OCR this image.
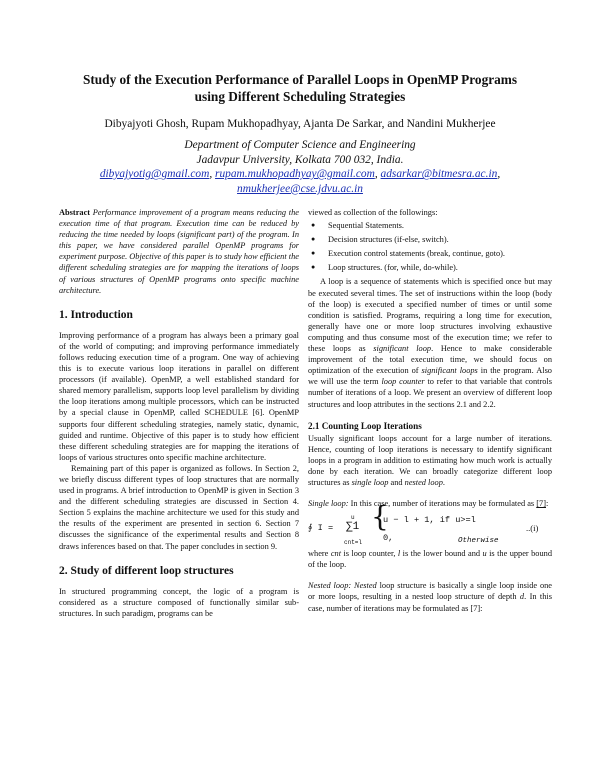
Study of the Execution Performance of Parallel Loops in OpenMP Programs
using Different Scheduling Strategies
Dibyajyoti Ghosh, Rupam Mukhopadhyay, Ajanta De Sarkar, and Nandini Mukherjee
Department of Computer Science and Engineering
Jadavpur University, Kolkata 700 032, India.
dibyajyotig@gmail.com, rupam.mukhopadhyay@gmail.com, adsarkar@bitmesra.ac.in,
nmukherjee@cse.jdvu.ac.in

Abstract Performance improvement of a program means reducing the execution time of that program. Execution time can be reduced by reducing the time needed by loops (significant part) of the program. In this paper, we have considered parallel OpenMP programs for experiment purpose. Objective of this paper is to study how efficient the different scheduling strategies are for mapping the iterations of loops of various structures of OpenMP programs onto specific machine architecture.

1. Introduction

Improving performance of a program has always been a primary goal of the world of computing; and improving performance immediately follows reducing execution time of a program. One way of achieving this is to execute various loop iterations in parallel on different processors (if available). OpenMP, a well established standard for shared memory parallelism, supports loop level parallelism by dividing the loop iterations among multiple processors, which can be instructed by a special clause in OpenMP, called SCHEDULE [6]. OpenMP supports four different scheduling strategies, namely static, dynamic, guided and runtime. Objective of this paper is to study how efficient these different scheduling strategies are for mapping the iterations of loops of various structures onto specific machine architecture.

Remaining part of this paper is organized as follows. In Section 2, we briefly discuss different types of loop structures that are normally used in programs. A brief introduction to OpenMP is given in Section 3 and the different scheduling strategies are discussed in Section 4. Section 5 explains the machine architecture we used for this study and the results of the experiment are presented in section 6. Section 7 discusses the significance of the experimental results and Section 8 draws inferences based on that. The paper concludes in section 9.

2. Study of different loop structures

In structured programming concept, the logic of a program is considered as a structure composed of functionally similar sub-structures. In such paradigm, programs can be

viewed as collection of the followings:

● Sequential Statements.
● Decision structures (if-else, switch).
● Execution control statements (break, continue, goto).
● Loop structures. (for, while, do-while).

A loop is a sequence of statements which is specified once but may be executed several times. The set of instructions within the loop (body of the loop) is executed a specified number of times or until some condition is satisfied. Programs, requiring a long time for execution, generally have one or more loop structures involving exhaustive computing and thus consume most of the execution time; we refer to these loops as significant loop. Hence to make considerable improvement of the total execution time, we should focus on optimization of the execution of significant loops in the program. Also we will use the term loop counter to refer to that variable that controls number of iterations of a loop. We present an overview of different loop structures and loop attributes in the sections 2.1 and 2.2.

2.1 Counting Loop Iterations

Usually significant loops account for a large number of iterations. Hence, counting of loop iterations is necessary to identify significant loops in a program in addition to estimating how much work is actually done by each iteration. We can broadly categorize different loop structures as single loop and nested loop.

Single loop: In this case, number of iterations may be formulated as [7]:

∮ I =
u
∑1
cnt=l
{
u − l + 1, if u>=l
0,	Otherwise
..(i)

where cnt is loop counter, l is the lower bound and u is the upper bound of the loop.

Nested loop: Nested loop structure is basically a single loop inside one or more loops, resulting in a nested loop structure of depth d. In this case, number of iterations may be formulated as [7]:
